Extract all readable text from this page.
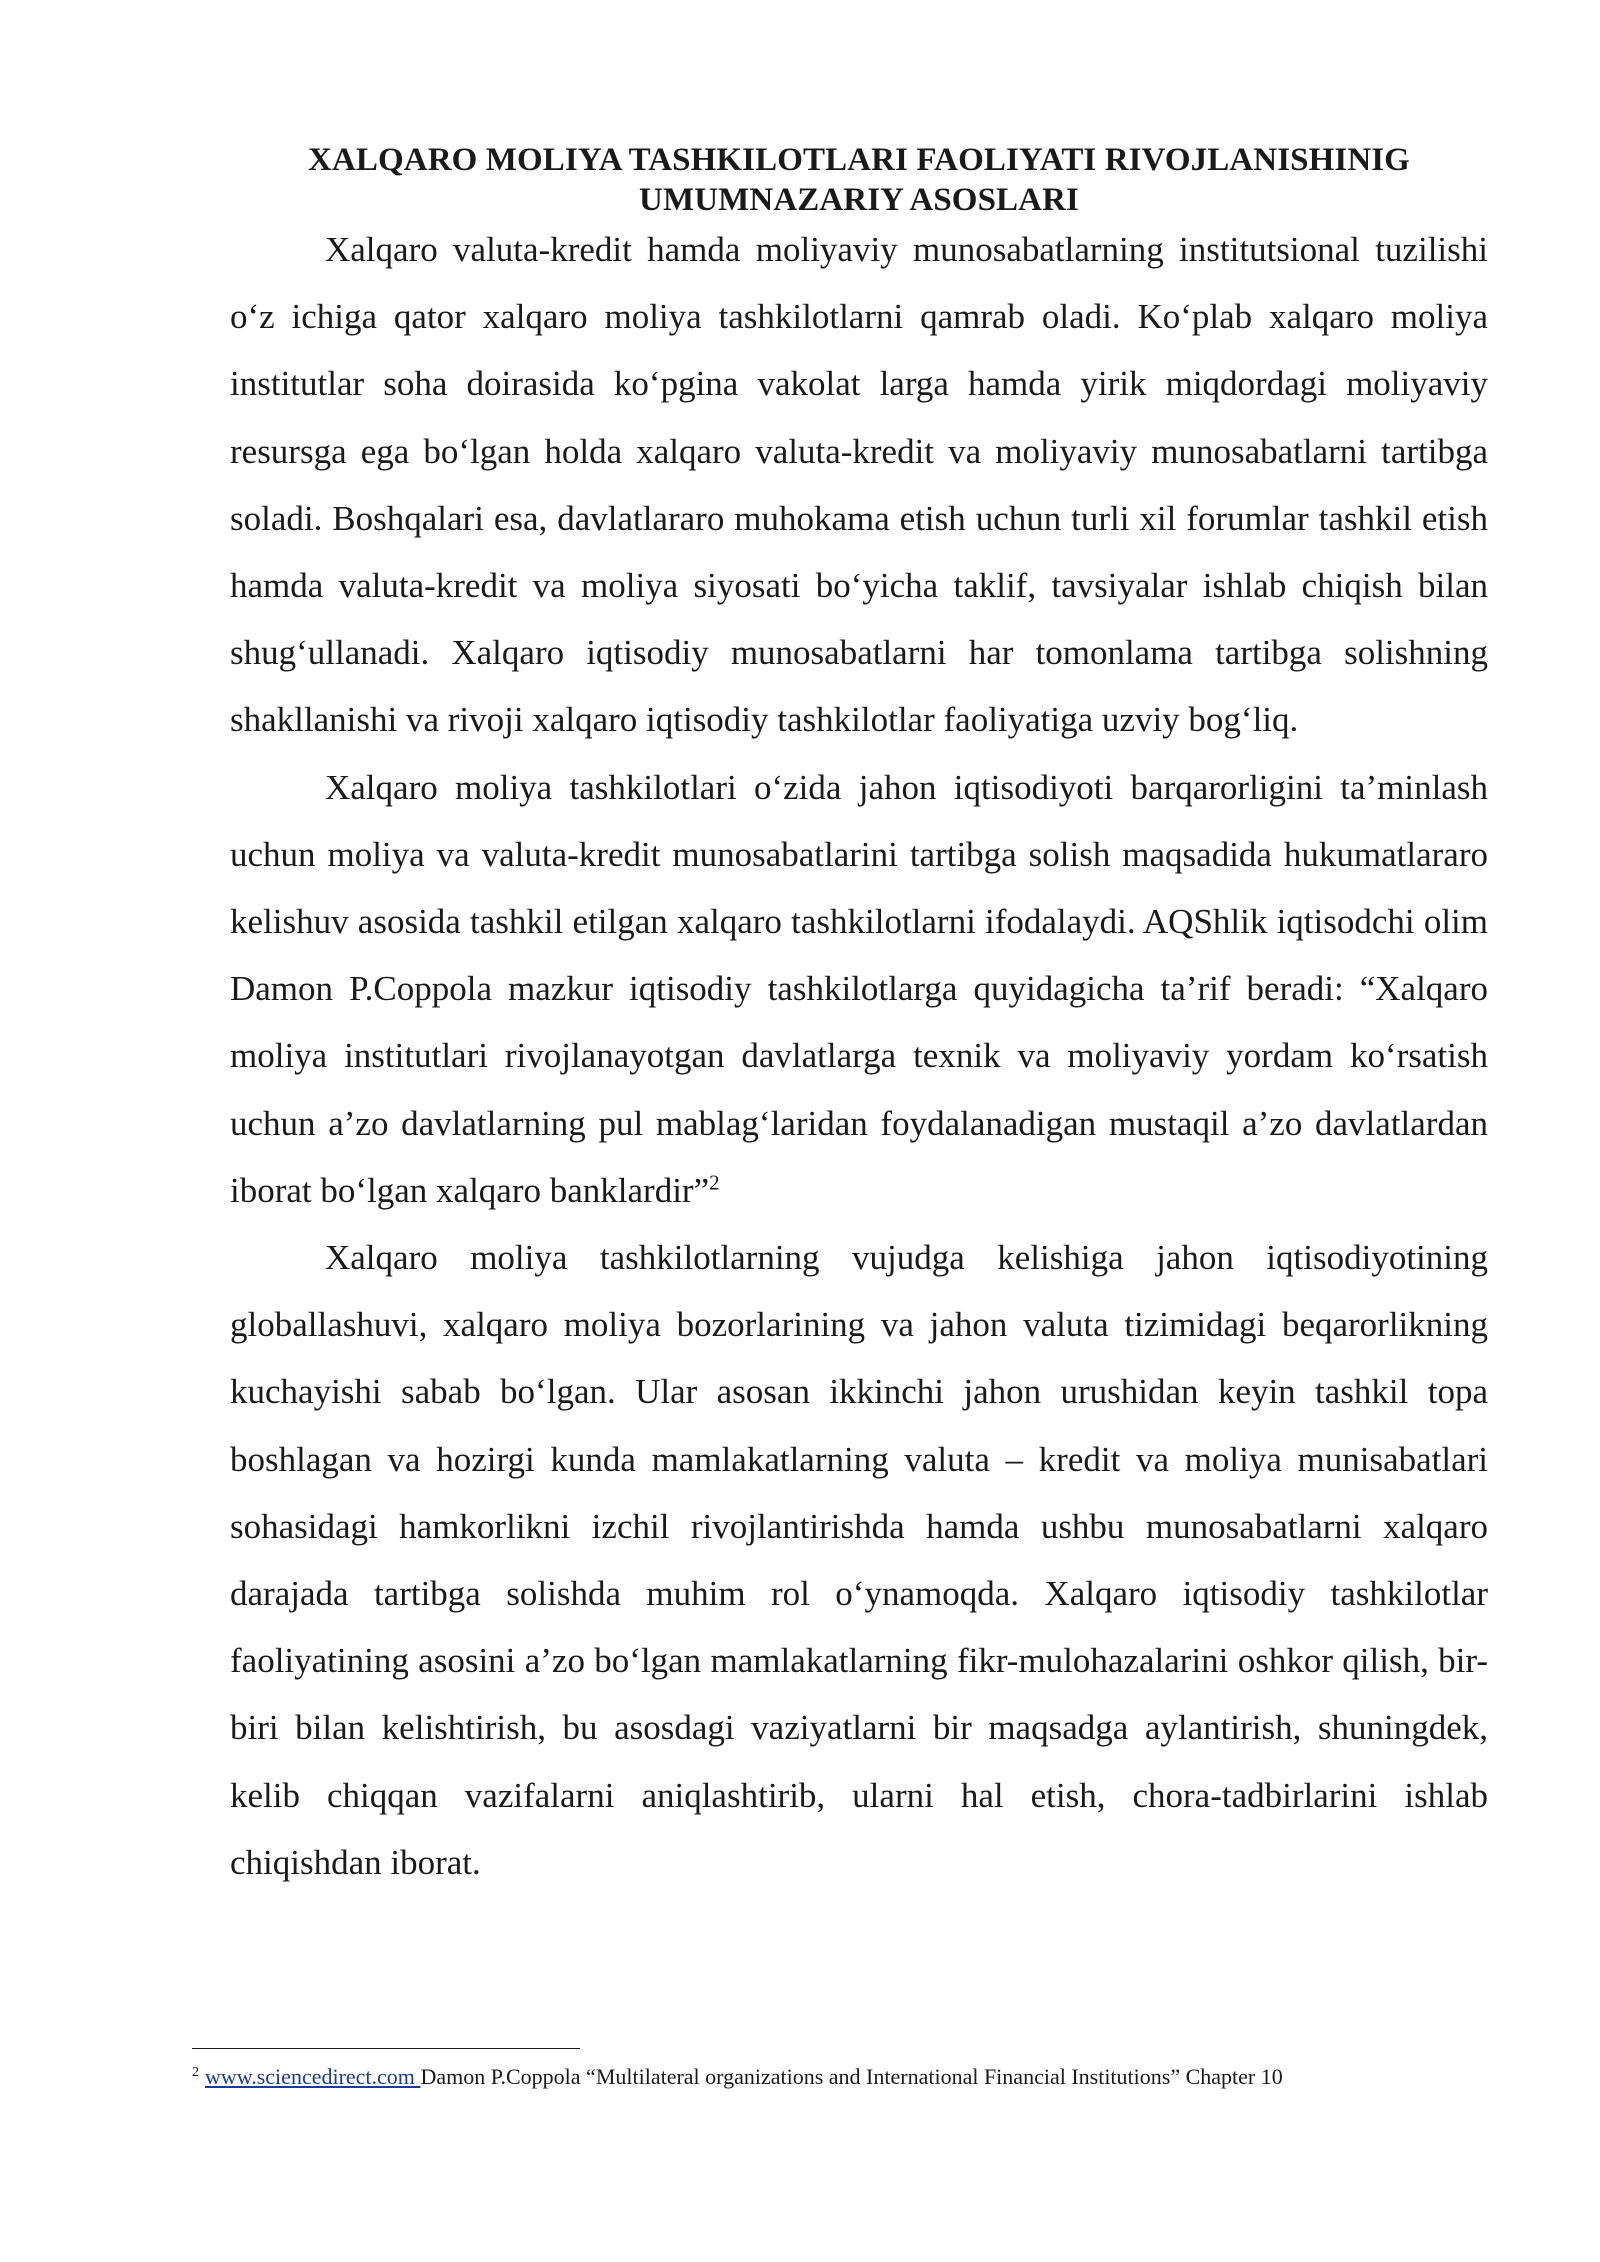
XALQARO MOLIYA TASHKILOTLARI FAOLIYATI RIVOJLANISHINIG
UMUMNAZARIY ASOSLARI

Xalqaro valuta-kredit hamda moliyaviy munosabatlarning institutsional tuzilishi o‘z ichiga qator xalqaro moliya tashkilotlarni qamrab oladi. Ko‘plab xalqaro moliya institutlar soha doirasida ko‘pgina vakolat larga hamda yirik miqdordagi moliyaviy resursga ega bo‘lgan holda xalqaro valuta-kredit va moliyaviy munosabatlarni tartibga soladi. Boshqalari esa, davlatlararo muhokama etish uchun turli xil forumlar tashkil etish hamda valuta-kredit va moliya siyosati bo‘yicha taklif, tavsiyalar ishlab chiqish bilan shug‘ullanadi. Xalqaro iqtisodiy munosabatlarni har tomonlama tartibga solishning shakllanishi va rivoji xalqaro iqtisodiy tashkilotlar faoliyatiga uzviy bog‘liq.

Xalqaro moliya tashkilotlari o‘zida jahon iqtisodiyoti barqarorligini ta’minlash uchun moliya va valuta-kredit munosabatlarini tartibga solish maqsadida hukumatlararo kelishuv asosida tashkil etilgan xalqaro tashkilotlarni ifodalaydi. AQShlik iqtisodchi olim Damon P.Coppola mazkur iqtisodiy tashkilotlarga quyidagicha ta’rif beradi: “Xalqaro moliya institutlari rivojlanayotgan davlatlarga texnik va moliyaviy yordam ko‘rsatish uchun a’zo davlatlarning pul mablag‘laridan foydalanadigan mustaqil a’zo davlatlardan iborat bo‘lgan xalqaro banklardir”$^2$

Xalqaro moliya tashkilotlarning vujudga kelishiga jahon iqtisodiyotining globallashuvi, xalqaro moliya bozorlarining va jahon valuta tizimidagi beqarorlikning kuchayishi sabab bo‘lgan. Ular asosan ikkinchi jahon urushidan keyin tashkil topa boshlagan va hozirgi kunda mamlakatlarning valuta – kredit va moliya munisabatlari sohasidagi hamkorlikni izchil rivojlantirishda hamda ushbu munosabatlarni xalqaro darajada tartibga solishda muhim rol o‘ynamoqda. Xalqaro iqtisodiy tashkilotlar faoliyatining asosini a’zo bo‘lgan mamlakatlarning fikr-mulohazalarini oshkor qilish, bir-biri bilan kelishtirish, bu asosdagi vaziyatlarni bir maqsadga aylantirish, shuningdek, kelib chiqqan vazifalarni aniqlashtirib, ularni hal etish, chora-tadbirlarini ishlab chiqishdan iborat.

$^2$ www.sciencedirect.com Damon P.Coppola “Multilateral organizations and International Financial Institutions” Chapter 10
